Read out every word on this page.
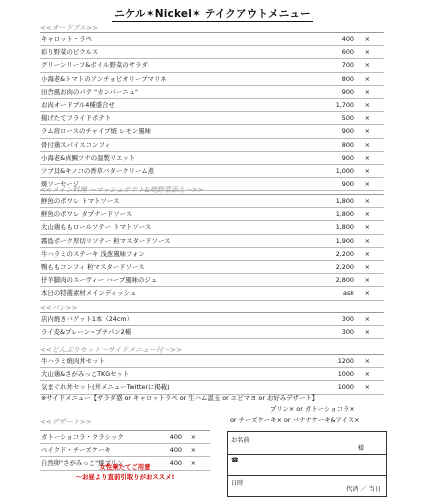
ニケル✶Nickel✶ テイクアウトメニュー
<<オードブル>>
キャロット・ラペ	400 ×
彩り野菜のピクルス	600 ×
グリーンリーフ&ボイル野菜のサラダ	700 ×
小海老&トマトのアンチョビオリーブマリネ	800 ×
田舎風お肉のパテ "カンパーニュ"	900 ×
お肉オードブル4種盛合せ	1,700 ×
揚げたてフライドポテト	500 ×
ラム肩ロースのチャイブ焼 レモン風味	900 ×
骨付鶏スパイスコンフィ	800 ×
小海老&真鯛ツナの温製リエット	900 ×
ツブ貝&キノコの香草バタークリーム煮	1,000 ×
焼ソーセージ	900 ×
<<メイン料理 ～マッシュポテト&焼野菜添え～>>
鮮魚のポワレ トマトソース	1,800 ×
鮮魚のポワレ タプナードソース	1,800 ×
大山鶏ももロールソテー トマトソース	1,800 ×
霧島ポーク厚切リソテー 粒マスタードソース	1,900 ×
牛ハラミのステーキ 浅葱風味フォン	2,200 ×
鴨ももコンフィ 粒マスタードソース	2,200 ×
仔羊脚肉のスーヴィー ハーブ風味のジュ	2,800 ×
本日の特選素材メインディッシュ	ask ×
<<パン>>
店内焼きバゲット1本（24cm）	300 ×
ライ麦&プレーン~プチパン2種	300 ×
<<どんぶりセット～サイドメニュー付～>>
牛ハラミ焼肉丼セット	1200 ×
大山鶏&さがみっこTKGセット	1000 ×
気まぐれ丼セット(丼メニューTwitterに掲載)	1000 ×
※サイドメニュー【サラダ盛 or キャロットラペ or 生ハム温玉 or エピマヨ or お好みデザート】
プリン× or ガトーショコラ×
or チーズケーキ× or バナナケーキ&アイス×
<<デザート>>
ガトーショコラ・クラシック	400 ×
ベイクド・チーズケーキ	400 ×
自然卵"さがみっこ"焼プリン	400 ×
女性乗たてご用意
～お昼より直前引取りがおススメ!
お名前
様
☎
日時
代済 ／ 当日
